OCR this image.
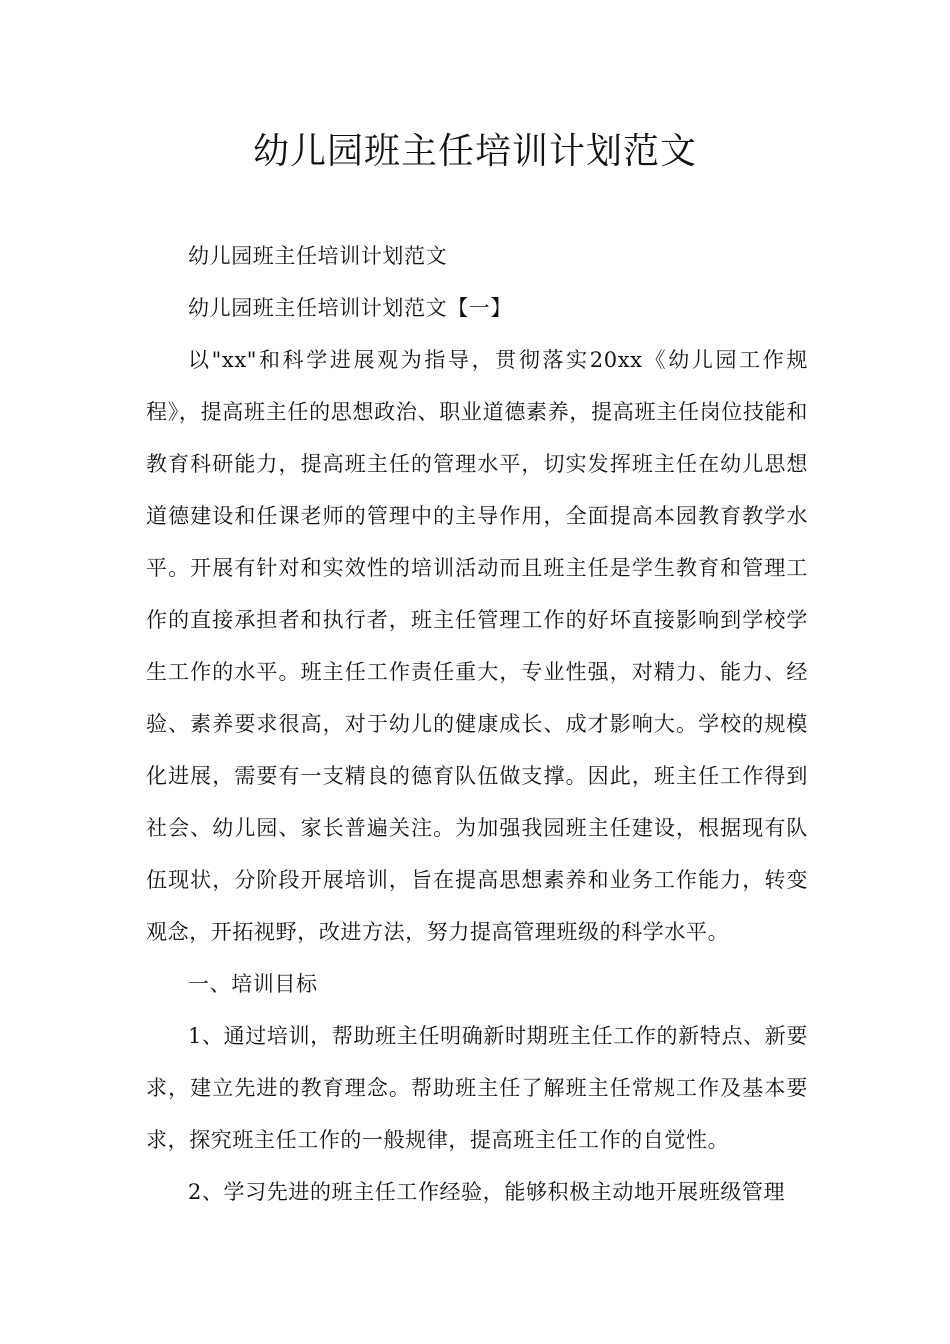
幼儿园班主任培训计划范文

幼儿园班主任培训计划范文

幼儿园班主任培训计划范文【一】

以"xx"和科学进展观为指导，贯彻落实20xx《幼儿园工作规程》，提高班主任的思想政治、职业道德素养，提高班主任岗位技能和教育科研能力，提高班主任的管理水平，切实发挥班主任在幼儿思想道德建设和任课老师的管理中的主导作用，全面提高本园教育教学水平。开展有针对和实效性的培训活动而且班主任是学生教育和管理工作的直接承担者和执行者，班主任管理工作的好坏直接影响到学校学生工作的水平。班主任工作责任重大，专业性强，对精力、能力、经验、素养要求很高，对于幼儿的健康成长、成才影响大。学校的规模化进展，需要有一支精良的德育队伍做支撑。因此，班主任工作得到社会、幼儿园、家长普遍关注。为加强我园班主任建设，根据现有队伍现状，分阶段开展培训，旨在提高思想素养和业务工作能力，转变观念，开拓视野，改进方法，努力提高管理班级的科学水平。

一、培训目标

1、通过培训，帮助班主任明确新时期班主任工作的新特点、新要求，建立先进的教育理念。帮助班主任了解班主任常规工作及基本要求，探究班主任工作的一般规律，提高班主任工作的自觉性。

2、学习先进的班主任工作经验，能够积极主动地开展班级管理
